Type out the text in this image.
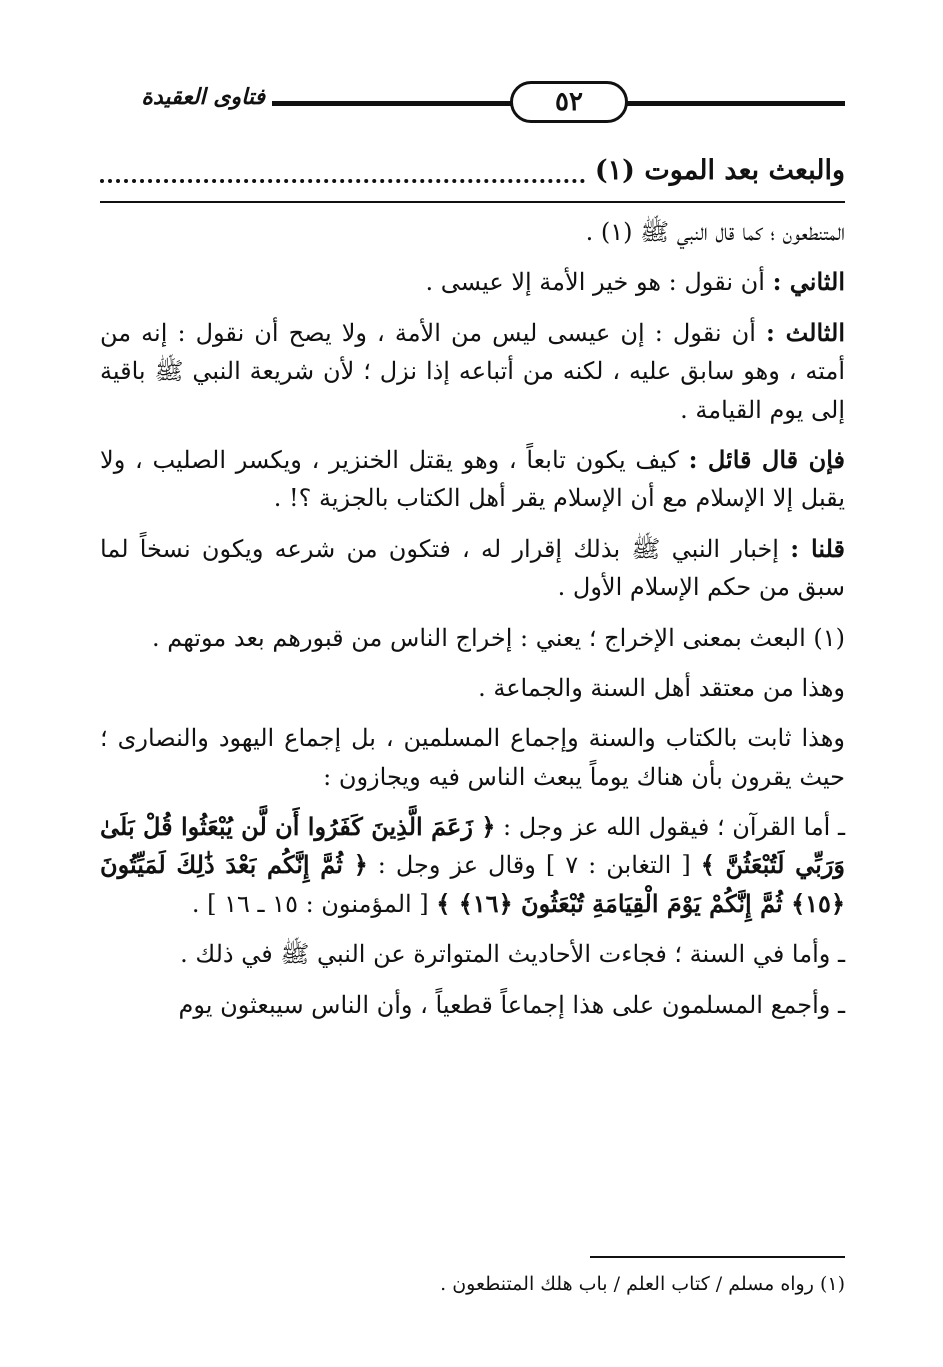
٥٢
فتاوى العقيدة
والبعث بعد الموت (١)

المتنطعون ؛ كما قال النبي ﷺ (١) .

الثاني : أن نقول : هو خير الأمة إلا عيسى .

الثالث : أن نقول : إن عيسى ليس من الأمة ، ولا يصح أن نقول : إنه من أمته ، وهو سابق عليه ، لكنه من أتباعه إذا نزل ؛ لأن شريعة النبي ﷺ باقية إلى يوم القيامة .

فإن قال قائل : كيف يكون تابعاً ، وهو يقتل الخنزير ، ويكسر الصليب ، ولا يقبل إلا الإسلام مع أن الإسلام يقر أهل الكتاب بالجزية ؟! .

قلنا : إخبار النبي ﷺ بذلك إقرار له ، فتكون من شرعه ويكون نسخاً لما سبق من حكم الإسلام الأول .

(١) البعث بمعنى الإخراج ؛ يعني : إخراج الناس من قبورهم بعد موتهم .

وهذا من معتقد أهل السنة والجماعة .

وهذا ثابت بالكتاب والسنة وإجماع المسلمين ، بل إجماع اليهود والنصارى ؛ حيث يقرون بأن هناك يوماً يبعث الناس فيه ويجازون :

ـ أما القرآن ؛ فيقول الله عز وجل : ﴿ زَعَمَ الَّذِينَ كَفَرُوا أَن لَّن يُبْعَثُوا قُلْ بَلَىٰ وَرَبِّي لَتُبْعَثُنَّ ﴾ [ التغابن : ٧ ] وقال عز وجل : ﴿ ثُمَّ إِنَّكُم بَعْدَ ذَٰلِكَ لَمَيِّتُونَ ﴿١٥﴾ ثُمَّ إِنَّكُمْ يَوْمَ الْقِيَامَةِ تُبْعَثُونَ ﴿١٦﴾ ﴾ [ المؤمنون : ١٥ ـ ١٦ ] .

ـ وأما في السنة ؛ فجاءت الأحاديث المتواترة عن النبي ﷺ في ذلك .

ـ وأجمع المسلمون على هذا إجماعاً قطعياً ، وأن الناس سيبعثون يوم

(١) رواه مسلم / كتاب العلم / باب هلك المتنطعون .
